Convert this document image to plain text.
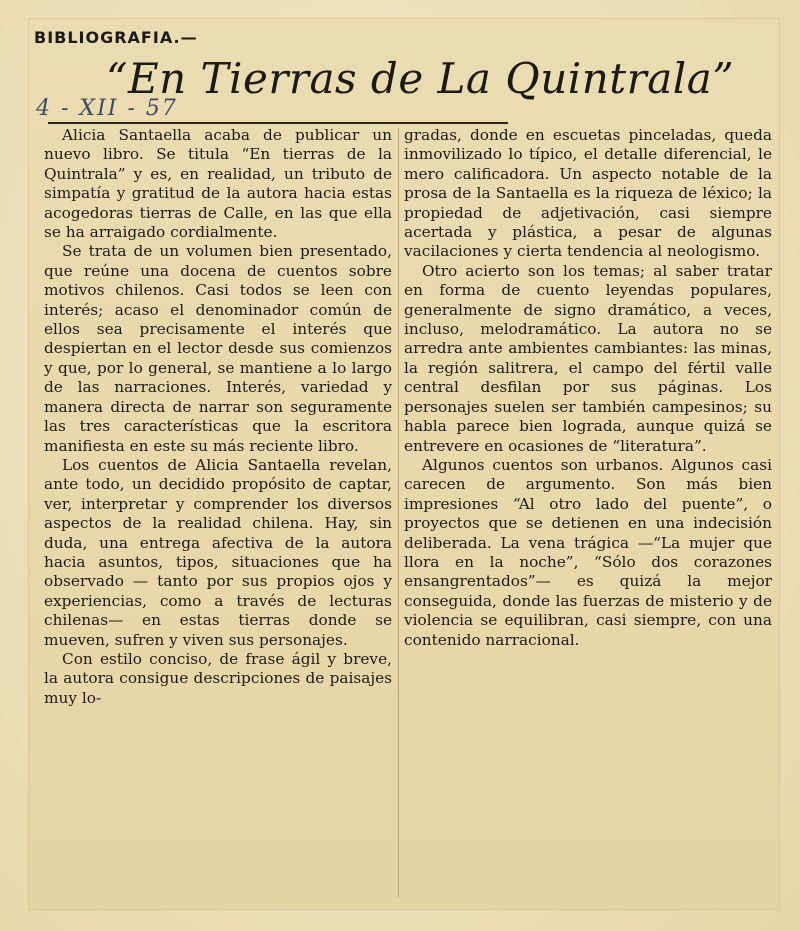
BIBLIOGRAFIA.—
“En Tierras de La Quintrala”
4 - XII - 57

Alicia Santaella acaba de publicar un nuevo libro. Se titula “En tierras de la Quintrala” y es, en realidad, un tributo de simpatía y gratitud de la autora hacia estas acogedoras tierras de Calle, en las que ella se ha arraigado cordialmente.

Se trata de un volumen bien presentado, que reúne una docena de cuentos sobre motivos chilenos. Casi todos se leen con interés; acaso el denominador común de ellos sea precisamente el interés que despiertan en el lector desde sus comienzos y que, por lo general, se mantiene a lo largo de las narraciones. Interés, variedad y manera directa de narrar son seguramente las tres características que la escritora manifiesta en este su más reciente libro.

Los cuentos de Alicia Santaella revelan, ante todo, un decidido propósito de captar, ver, interpretar y comprender los diversos aspectos de la realidad chilena. Hay, sin duda, una entrega afectiva de la autora hacia asuntos, tipos, situaciones que ha observado — tanto por sus propios ojos y experiencias, como a través de lecturas chilenas— en estas tierras donde se mueven, sufren y viven sus personajes.

Con estilo conciso, de frase ágil y breve, la autora consigue descripciones de paisajes muy lo-

gradas, donde en escuetas pinceladas, queda inmovilizado lo típico, el detalle diferencial, le mero calificadora. Un aspecto notable de la prosa de la Santaella es la riqueza de léxico; la propiedad de adjetivación, casi siempre acertada y plástica, a pesar de algunas vacilaciones y cierta tendencia al neologismo.

Otro acierto son los temas; al saber tratar en forma de cuento leyendas populares, generalmente de signo dramático, a veces, incluso, melodramático. La autora no se arredra ante ambientes cambiantes: las minas, la región salitrera, el campo del fértil valle central desfilan por sus páginas. Los personajes suelen ser también campesinos; su habla parece bien lograda, aunque quizá se entrevere en ocasiones de “literatura”.

Algunos cuentos son urbanos. Algunos casi carecen de argumento. Son más bien impresiones “Al otro lado del puente”, o proyectos que se detienen en una indecisión deliberada. La vena trágica —“La mujer que llora en la noche”, “Sólo dos corazones ensangrentados”— es quizá la mejor conseguida, donde las fuerzas de misterio y de violencia se equilibran, casi siempre, con una contenido narracional.
